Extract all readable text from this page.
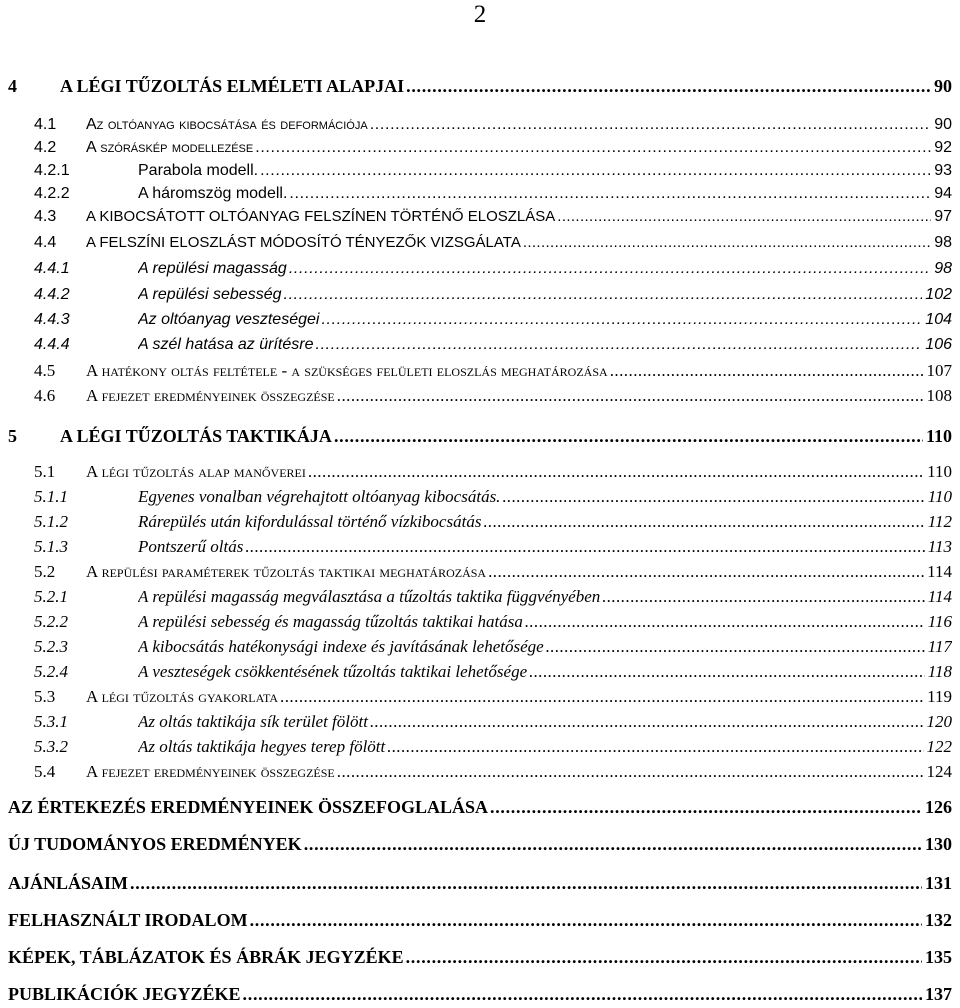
2
4 A LÉGI TŰZOLTÁS ELMÉLETI ALAPJAI . . .	90
4.1 Az oltóanyag kibocsátása és deformációja . . .	90
4.2 A szóráskép modellezése . . .	92
4.2.1	Parabola modell. . . .	93
4.2.2	A háromszög modell. . . .	94
4.3 A KIBOCSÁTOTT OLTÓANYAG FELSZÍNEN TÖRTÉNŐ ELOSZLÁSA . . .	97
4.4 A FELSZÍNI ELOSZLÁST MÓDOSÍTÓ TÉNYEZŐK VIZSGÁLATA . . .	98
4.4.1	A repülési magasság . . .	98
4.4.2	A repülési sebesség . . .	102
4.4.3	Az oltóanyag veszteségei . . .	104
4.4.4	A szél hatása az ürítésre . . .	106
4.5 A hatékony oltás feltétele - a szükséges felületi eloszlás meghatározása . . .	107
4.6 A fejezet eredményeinek összegzése . . .	108
5 A LÉGI TŰZOLTÁS TAKTIKÁJA . . .	110
5.1 A légi tűzoltás alap manőverei . . .	110
5.1.1	Egyenes vonalban végrehajtott oltóanyag kibocsátás. . . .	110
5.1.2	Rárepülés után kifordulással történő vízkibocsátás . . .	112
5.1.3	Pontszerű oltás . . .	113
5.2 A repülési paraméterek tűzoltás taktikai meghatározása . . .	114
5.2.1	A repülési magasság megválasztása a tűzoltás taktika függvényében . . .	114
5.2.2	A repülési sebesség és magasság tűzoltás taktikai hatása . . .	116
5.2.3	A kibocsátás hatékonysági indexe és javításának lehetősége . . .	117
5.2.4	A veszteségek csökkentésének tűzoltás taktikai lehetősége . . .	118
5.3 A légi tűzoltás gyakorlata . . .	119
5.3.1	Az oltás taktikája sík terület fölött . . .	120
5.3.2	Az oltás taktikája hegyes terep fölött . . .	122
5.4 A fejezet eredményeinek összegzése . . .	124
AZ ÉRTEKEZÉS EREDMÉNYEINEK ÖSSZEFOGLALÁSA . . .	126
ÚJ TUDOMÁNYOS EREDMÉNYEK . . .	130
AJÁNLÁSAIM . . .	131
FELHASZNÁLT IRODALOM . . .	132
KÉPEK, TÁBLÁZATOK ÉS ÁBRÁK JEGYZÉKE . . .	135
PUBLIKÁCIÓK JEGYZÉKE . . .	137
